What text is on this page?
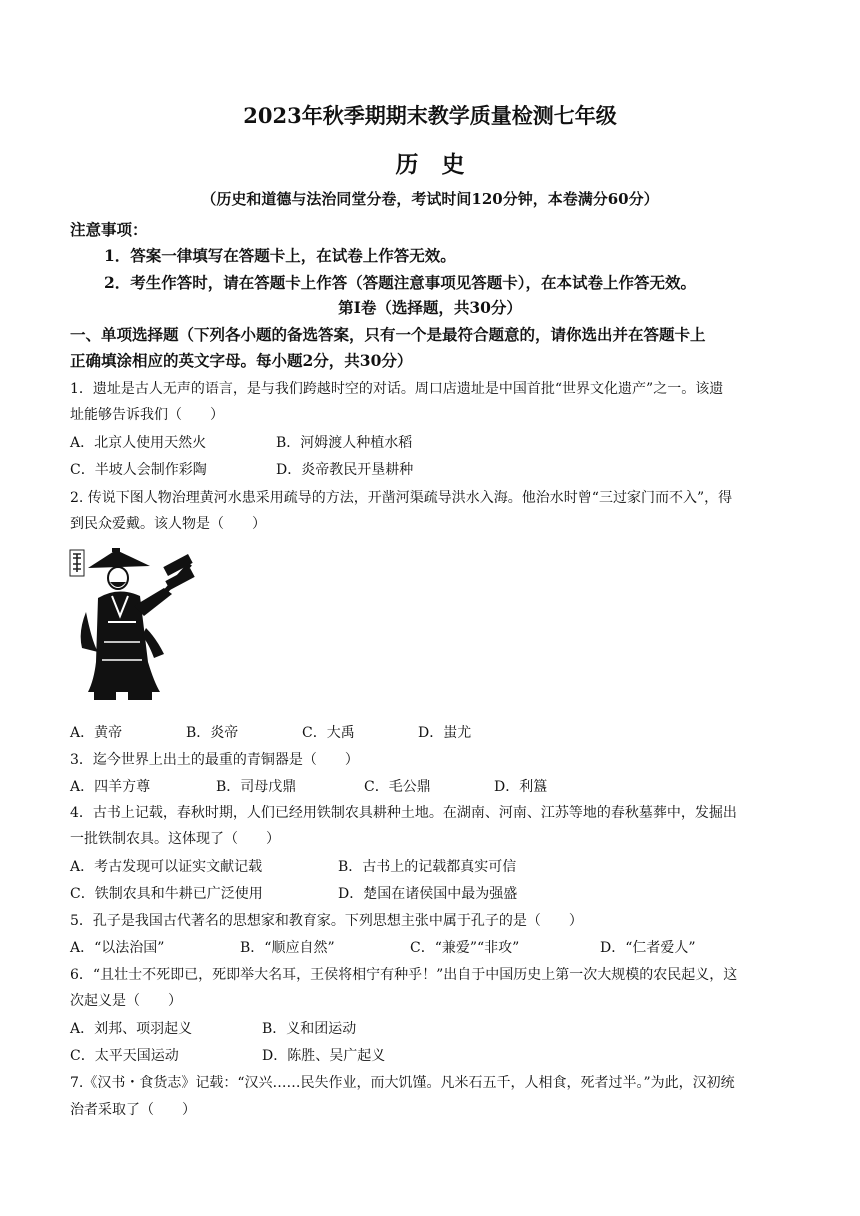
2023年秋季期期末教学质量检测七年级
历　史
（历史和道德与法治同堂分卷，考试时间120分钟，本卷满分60分）
注意事项：
1．答案一律填写在答题卡上，在试卷上作答无效。
2．考生作答时，请在答题卡上作答（答题注意事项见答题卡），在本试卷上作答无效。
第Ⅰ卷（选择题，共30分）
一、单项选择题（下列各小题的备选答案，只有一个是最符合题意的，请你选出并在答题卡上
正确填涂相应的英文字母。每小题2分，共30分）
1．遗址是古人无声的语言，是与我们跨越时空的对话。周口店遗址是中国首批“世界文化遗产”之一。该遗
址能够告诉我们（　　）
A．北京人使用天然火	B．河姆渡人种植水稻
C．半坡人会制作彩陶	D．炎帝教民开垦耕种
2. 传说下图人物治理黄河水患采用疏导的方法，开凿河渠疏导洪水入海。他治水时曾“三过家门而不入”，得
到民众爱戴。该人物是（　　）
A．黄帝	B．炎帝	C．大禹	D．蚩尤
3．迄今世界上出土的最重的青铜器是（　　）
A．四羊方尊	B．司母戊鼎	C．毛公鼎	D．利簋
4．古书上记载，春秋时期，人们已经用铁制农具耕种土地。在湖南、河南、江苏等地的春秋墓葬中，发掘出
一批铁制农具。这体现了（　　）
A．考古发现可以证实文献记载	B．古书上的记载都真实可信
C．铁制农具和牛耕已广泛使用	D．楚国在诸侯国中最为强盛
5．孔子是我国古代著名的思想家和教育家。下列思想主张中属于孔子的是（　　）
A．“以法治国”	B．“顺应自然”	C．“兼爱”“非攻”	D．“仁者爱人”
6．“且壮士不死即已，死即举大名耳，王侯将相宁有种乎！”出自于中国历史上第一次大规模的农民起义，这
次起义是（　　）
A．刘邦、项羽起义	B．义和团运动
C．太平天国运动	D．陈胜、吴广起义
7.《汉书・食货志》记载：“汉兴……民失作业，而大饥馑。凡米石五千，人相食，死者过半。”为此，汉初统
治者采取了（　　）
